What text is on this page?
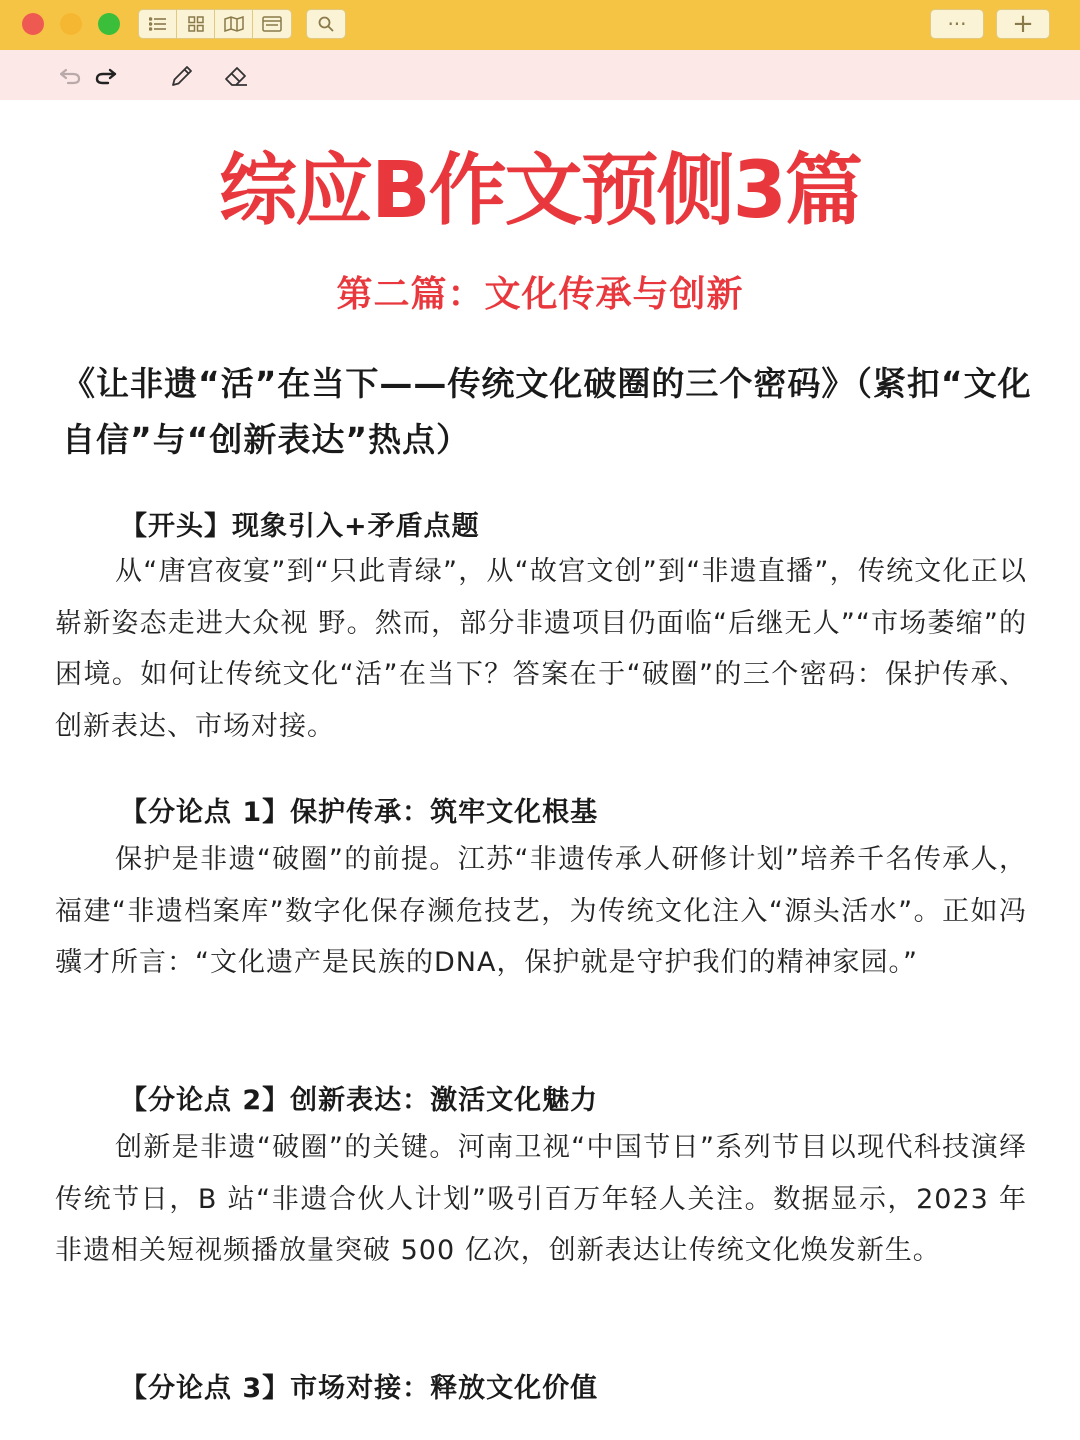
···	+
综应B作文预侧3篇
第二篇：文化传承与创新
《让非遗“活”在当下——传统文化破圈的三个密码》（紧扣“文化自信”与“创新表达”热点）
【开头】现象引入+矛盾点题
从“唐宫夜宴”到“只此青绿”，从“故宫文创”到“非遗直播”，传统文化正以崭新姿态走进大众视 野。然而，部分非遗项目仍面临“后继无人”“市场萎缩”的困境。如何让传统文化“活”在当下？答案在于“破圈”的三个密码：保护传承、创新表达、市场对接。
【分论点 1】保护传承：筑牢文化根基
保护是非遗“破圈”的前提。江苏“非遗传承人研修计划”培养千名传承人，福建“非遗档案库”数字化保存濒危技艺，为传统文化注入“源头活水”。正如冯骥才所言：“文化遗产是民族的DNA，保护就是守护我们的精神家园。”
【分论点 2】创新表达：激活文化魅力
创新是非遗“破圈”的关键。河南卫视“中国节日”系列节目以现代科技演绎传统节日，B 站“非遗合伙人计划”吸引百万年轻人关注。数据显示，2023 年非遗相关短视频播放量突破 500 亿次，创新表达让传统文化焕发新生。
【分论点 3】市场对接：释放文化价值
